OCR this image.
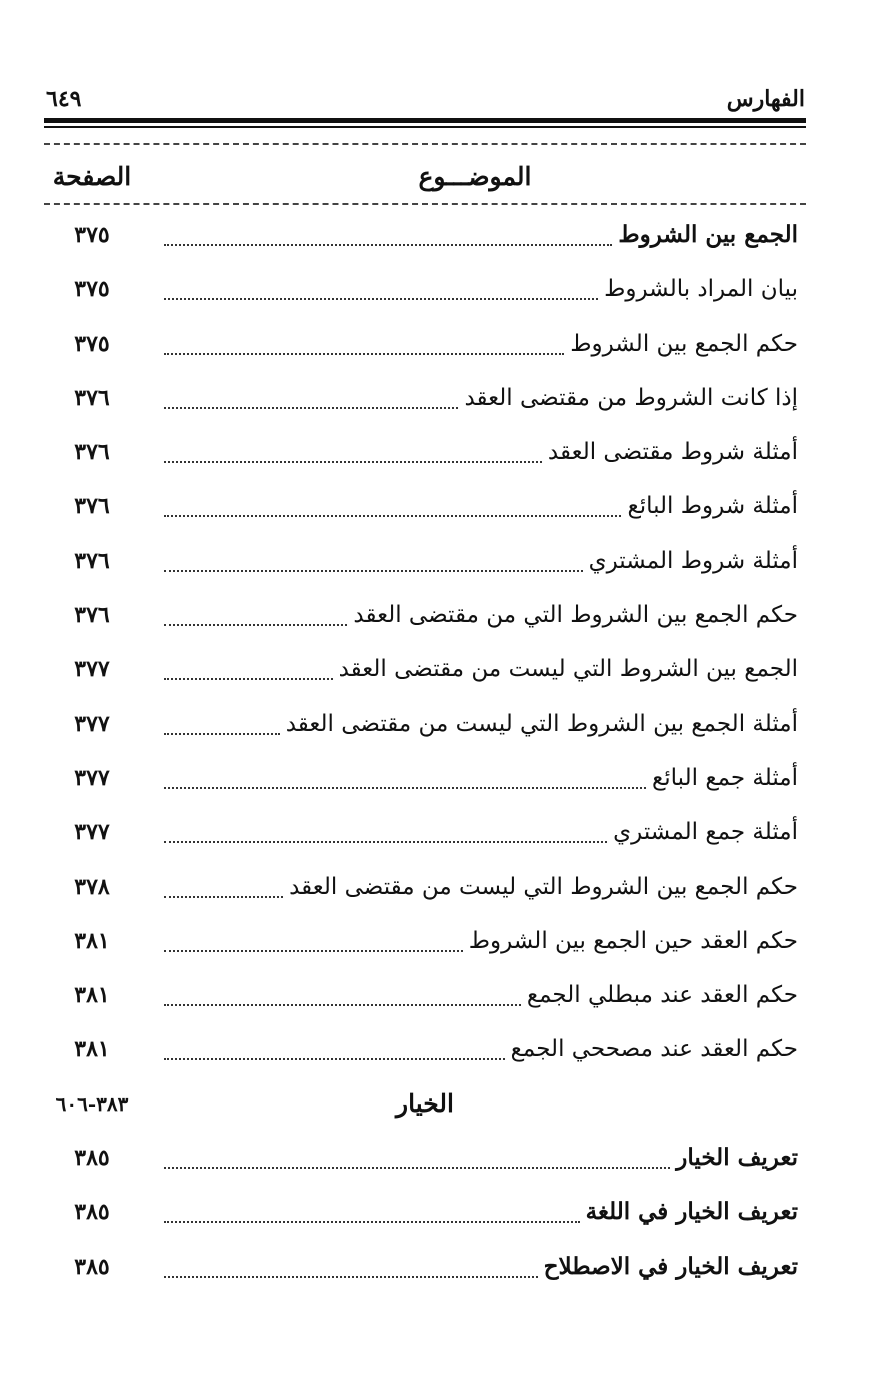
الفهارس
٦٤٩
الموضـــوع
الصفحة
الجمع بين الشروط
٣٧٥
بيان المراد بالشروط
٣٧٥
حكم الجمع بين الشروط
٣٧٥
إذا كانت الشروط من مقتضى العقد
٣٧٦
أمثلة شروط مقتضى العقد
٣٧٦
أمثلة شروط البائع
٣٧٦
أمثلة شروط المشتري
٣٧٦
حكم الجمع بين الشروط التي من مقتضى العقد
٣٧٦
الجمع بين الشروط التي ليست من مقتضى العقد
٣٧٧
أمثلة الجمع بين الشروط التي ليست من مقتضى العقد
٣٧٧
أمثلة جمع البائع
٣٧٧
أمثلة جمع المشتري
٣٧٧
حكم الجمع بين الشروط التي ليست من مقتضى العقد
٣٧٨
حكم العقد حين الجمع بين الشروط
٣٨١
حكم العقد عند مبطلي الجمع
٣٨١
حكم العقد عند مصححي الجمع
٣٨١
الخيار
٣٨٣-٦٠٦
تعريف الخيار
٣٨٥
تعريف الخيار في اللغة
٣٨٥
تعريف الخيار في الاصطلاح
٣٨٥
